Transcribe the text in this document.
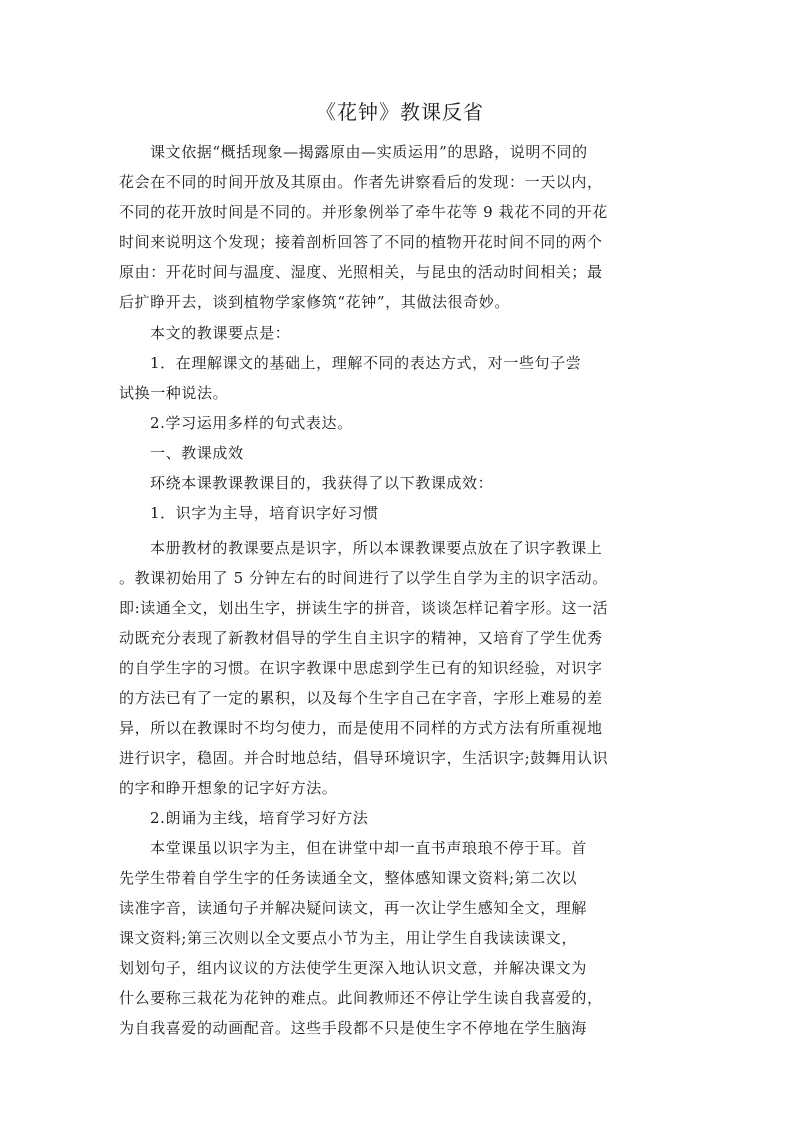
《花钟》教课反省
课文依据“概括现象—揭露原由—实质运用”的思路，说明不同的
花会在不同的时间开放及其原由。作者先讲察看后的发现：一天以内，
不同的花开放时间是不同的。并形象例举了牵牛花等 9 栽花不同的开花
时间来说明这个发现；接着剖析回答了不同的植物开花时间不同的两个
原由：开花时间与温度、湿度、光照相关，与昆虫的活动时间相关；最
后扩睁开去，谈到植物学家修筑“花钟”，其做法很奇妙。
本文的教课要点是：
1．在理解课文的基础上，理解不同的表达方式，对一些句子尝
试换一种说法。
2.学习运用多样的句式表达。
一、教课成效
环绕本课教课教课目的，我获得了以下教课成效：
1．识字为主导，培育识字好习惯
本册教材的教课要点是识字，所以本课教课要点放在了识字教课上
。教课初始用了 5 分钟左右的时间进行了以学生自学为主的识字活动。
即:读通全文，划出生字，拼读生字的拼音，谈谈怎样记着字形。这一活
动既充分表现了新教材倡导的学生自主识字的精神，又培育了学生优秀
的自学生字的习惯。在识字教课中思虑到学生已有的知识经验，对识字
的方法已有了一定的累积，以及每个生字自己在字音，字形上难易的差
异，所以在教课时不均匀使力，而是使用不同样的方式方法有所重视地
进行识字，稳固。并合时地总结，倡导环境识字，生活识字;鼓舞用认识
的字和睁开想象的记字好方法。
2.朗诵为主线，培育学习好方法
本堂课虽以识字为主，但在讲堂中却一直书声琅琅不停于耳。首
先学生带着自学生字的任务读通全文，整体感知课文资料;第二次以
读准字音，读通句子并解决疑问读文，再一次让学生感知全文，理解
课文资料;第三次则以全文要点小节为主，用让学生自我读读课文，
划划句子，组内议议的方法使学生更深入地认识文意，并解决课文为
什么要称三栽花为花钟的难点。此间教师还不停让学生读自我喜爱的，
为自我喜爱的动画配音。这些手段都不只是使生字不停地在学生脑海
